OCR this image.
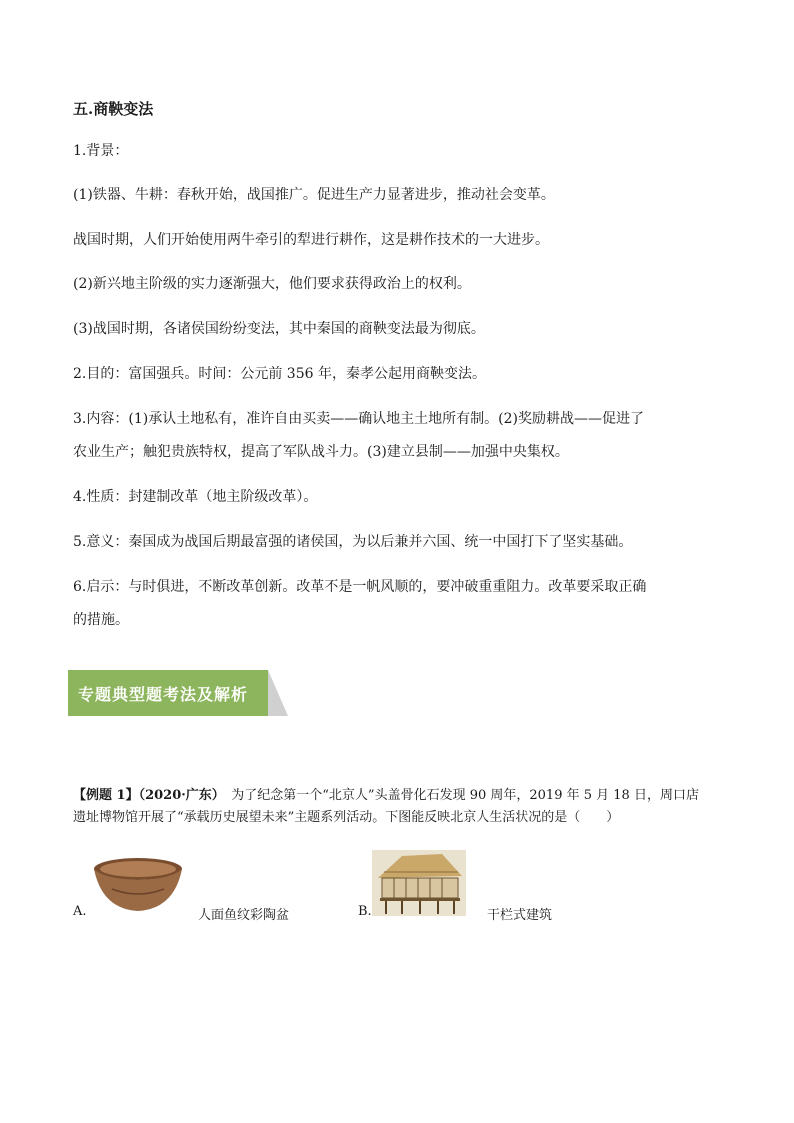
五.商鞅变法
1.背景：
(1)铁器、牛耕：春秋开始，战国推广。促进生产力显著进步，推动社会变革。
战国时期，人们开始使用两牛牵引的犁进行耕作，这是耕作技术的一大进步。
(2)新兴地主阶级的实力逐渐强大，他们要求获得政治上的权利。
(3)战国时期，各诸侯国纷纷变法，其中秦国的商鞅变法最为彻底。
2.目的：富国强兵。时间：公元前 356 年，秦孝公起用商鞅变法。
3.内容：(1)承认土地私有，准许自由买卖——确认地主土地所有制。(2)奖励耕战——促进了
农业生产；触犯贵族特权，提高了军队战斗力。(3)建立县制——加强中央集权。
4.性质：封建制改革（地主阶级改革）。
5.意义：秦国成为战国后期最富强的诸侯国，为以后兼并六国、统一中国打下了坚实基础。
6.启示：与时俱进，不断改革创新。改革不是一帆风顺的，要冲破重重阻力。改革要采取正确
的措施。
专题典型题考法及解析
【例题 1】（2020·广东）　为了纪念第一个“北京人”头盖骨化石发现 90 周年，2019 年 5 月 18 日，周口店
遗址博物馆开展了“承载历史展望未来”主题系列活动。下图能反映北京人生活状况的是（　　）
A.	人面鱼纹彩陶盆	B.	干栏式建筑
